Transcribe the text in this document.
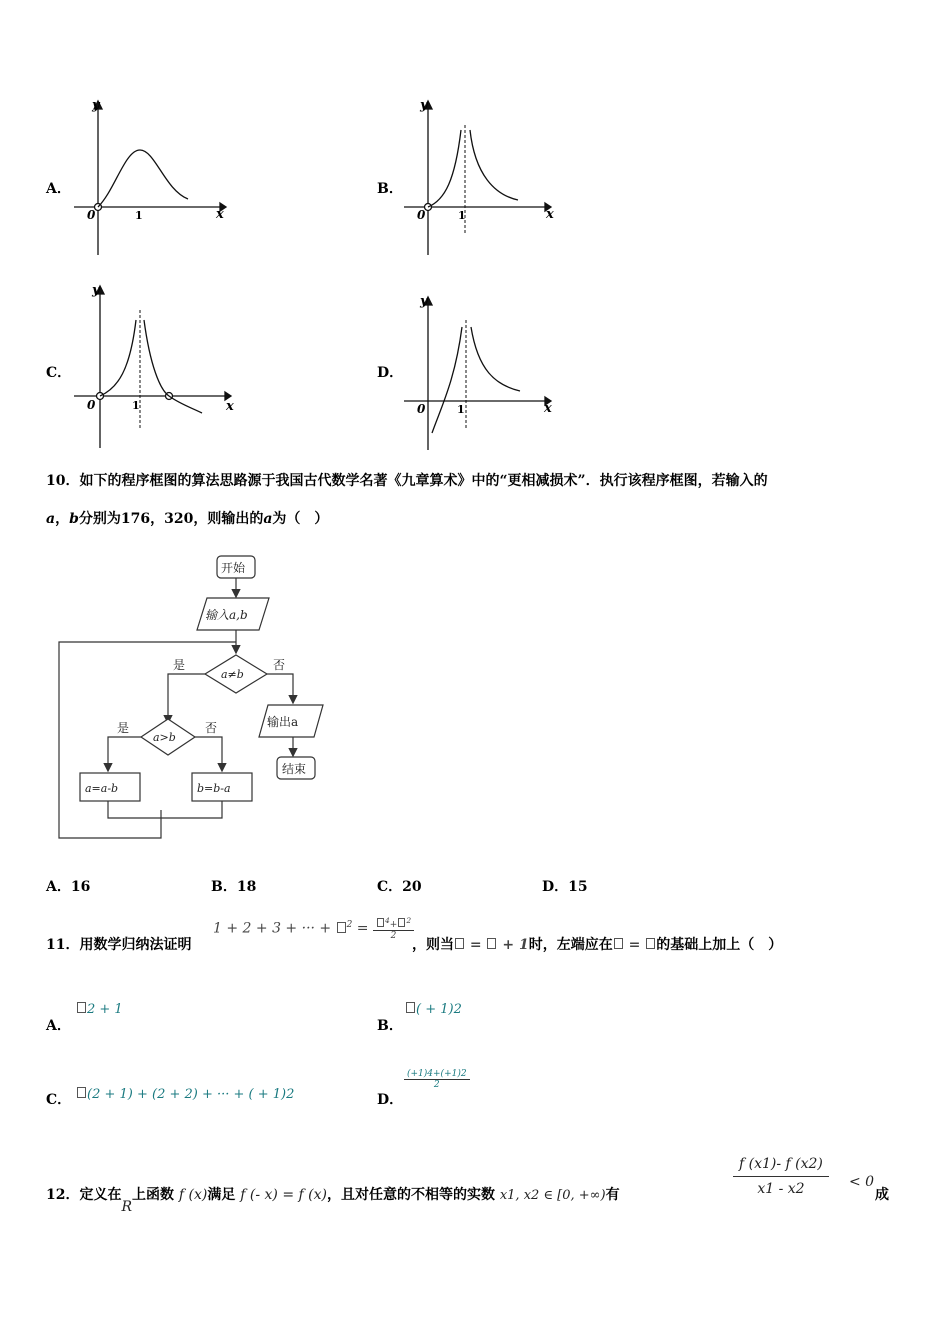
A．
y
x
0	1
B．
y
x
0	1
C．
y
x
0	1
D．
y
x
0	1
10．如下的程序框图的算法思路源于我国古代数学名著《九章算术》中的“更相减损术”．执行该程序框图，若输入的
a，b分别为176，320，则输出的a为（　）
开始
输入a,b
a≠b
是	否
a>b
是	否
a=a-b	b=b-a
输出a
结束
A．16	B．18	C．20	D．15
11．用数学归纳法证明
1 + 2 + 3 + ··· + $^2 = \frac{^4+ ^2}{2}$
，则当 =  + 1时，左端应在 = 的基础上加上（　）
A．
2 + 1
B．
( + 1)2
C．	(2 + 1) + (2 + 2) + ··· + ( + 1)2	D．
$\frac{(+1)4+(+1)2}{2}$
12．定义在R上函数 f (x)满足 f (- x) = f (x)，且对任意的不相等的实数 x1, x2 ∈ [0, +∞)有	$\frac{f (x1)- f (x2)}{x1 - x2} < 0$
成
